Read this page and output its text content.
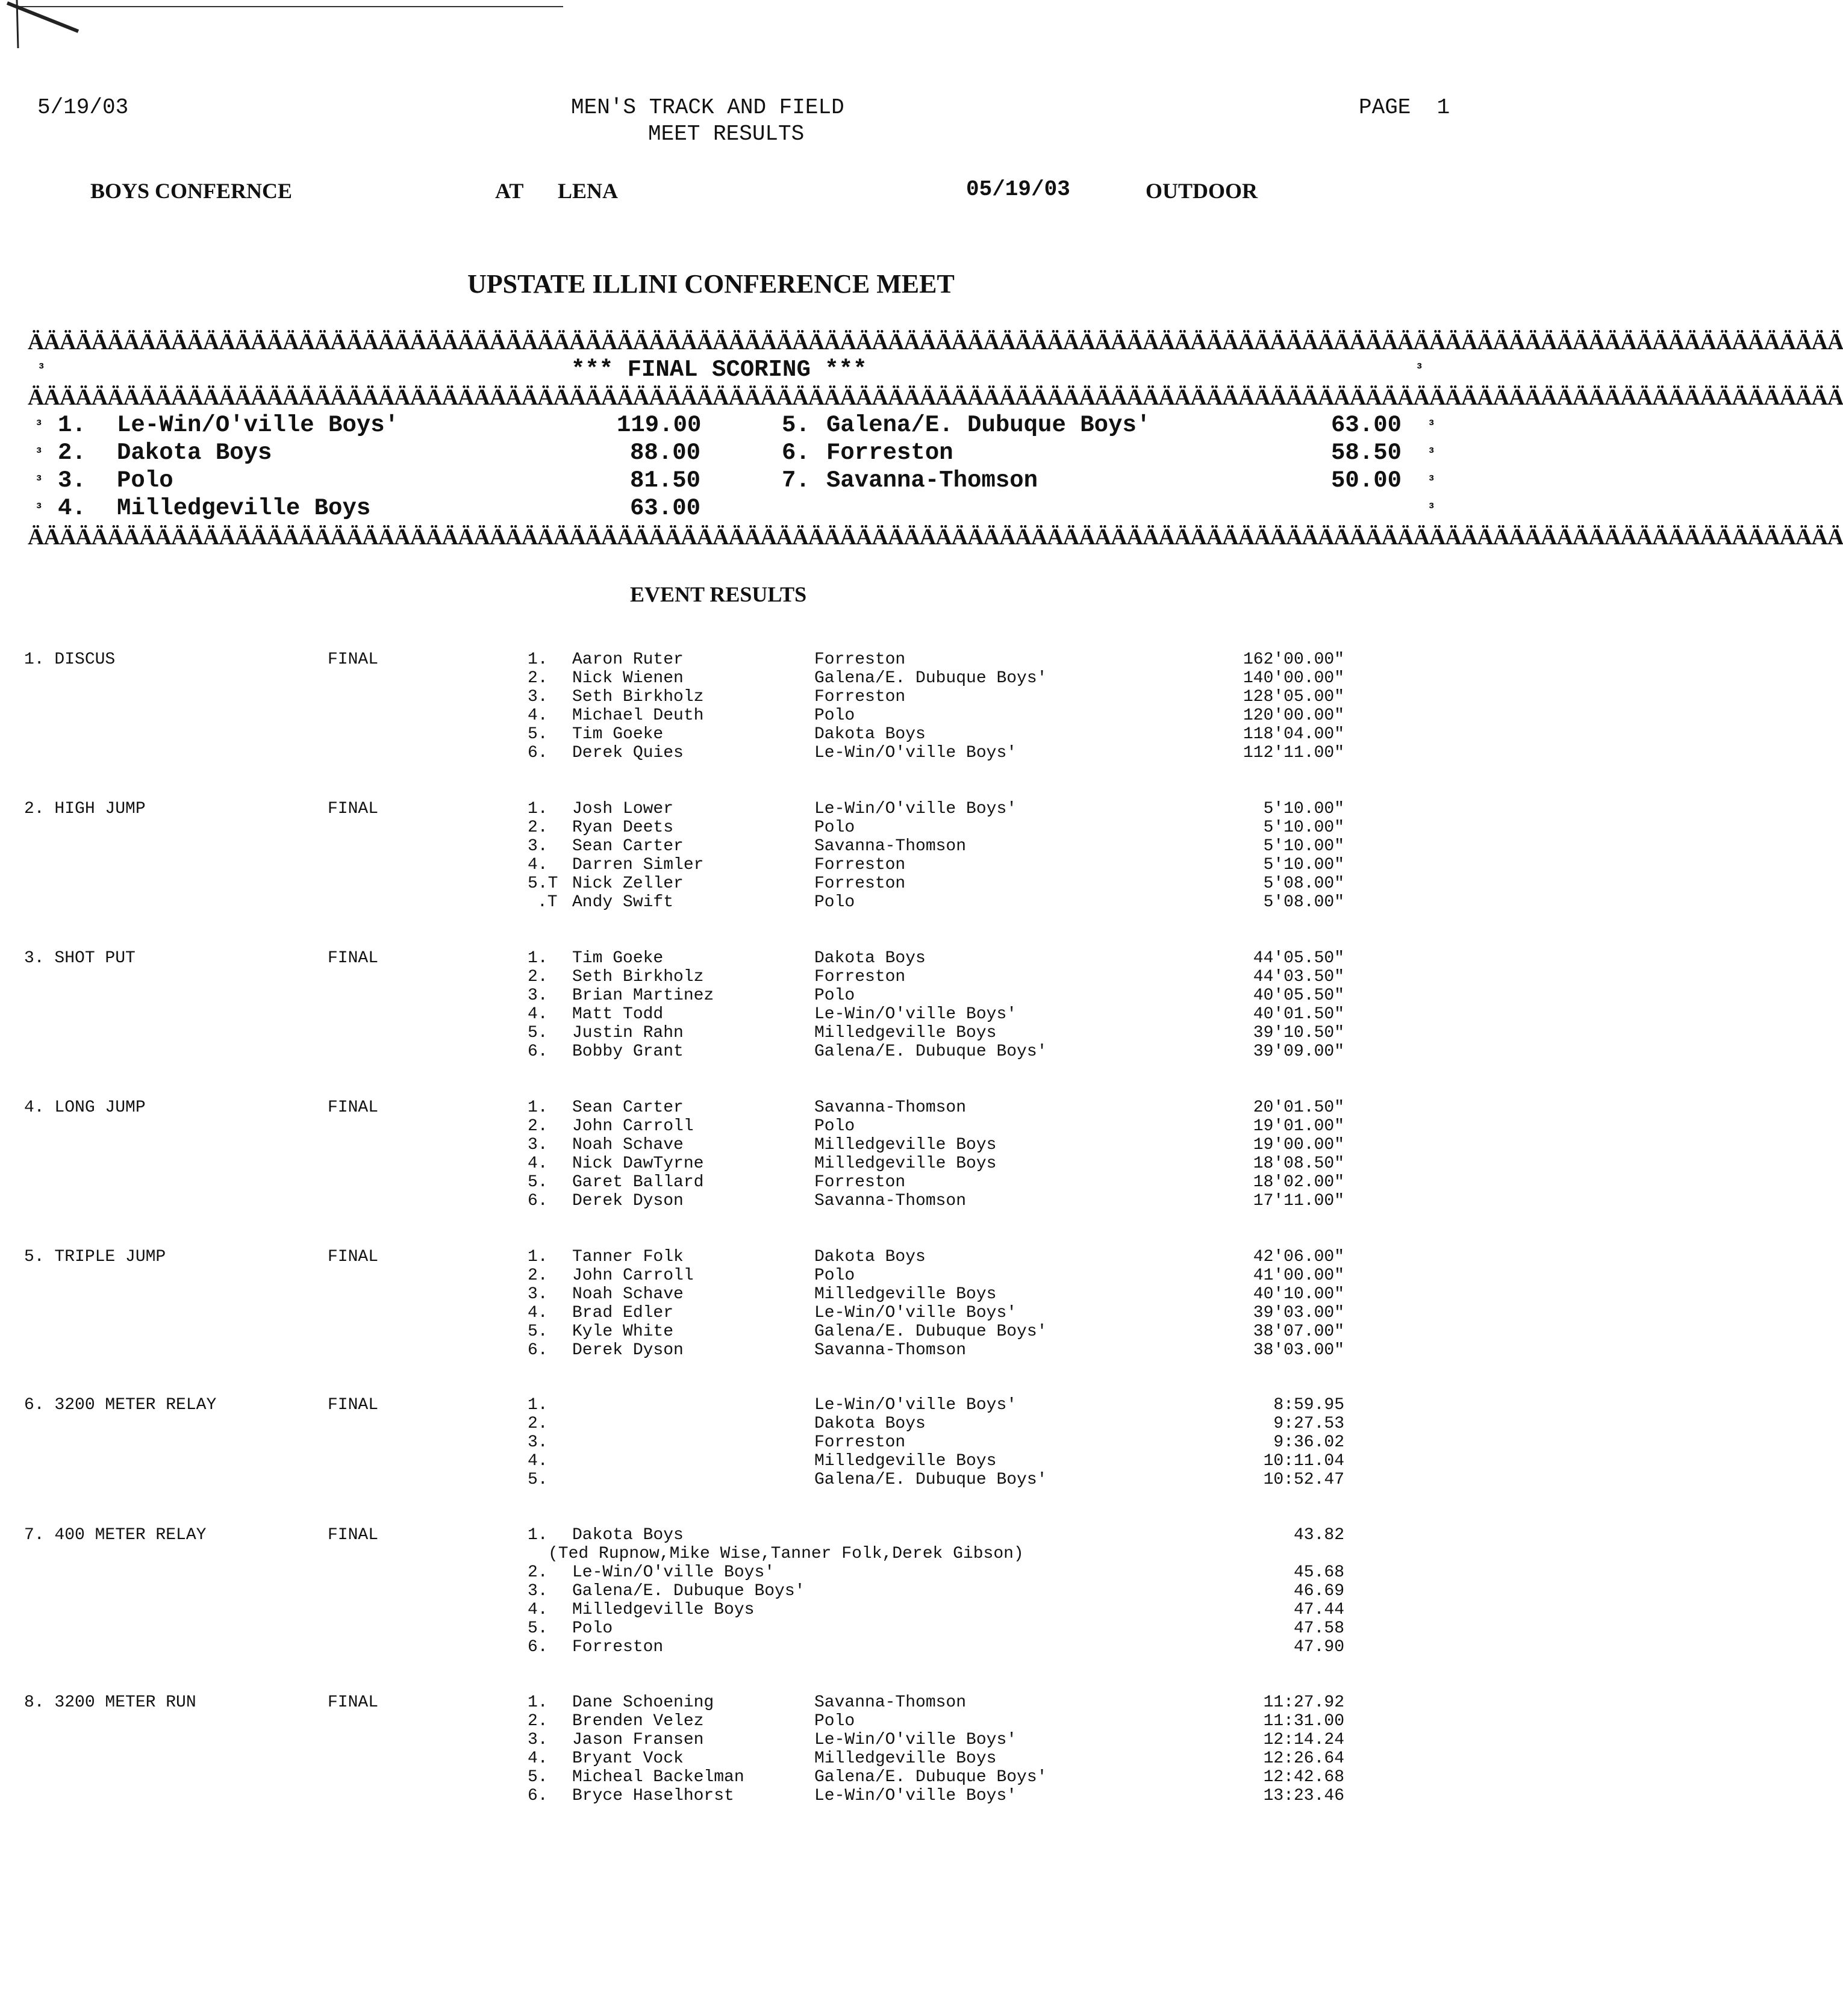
5/19/03	MEN'S TRACK AND FIELD
MEET RESULTS
PAGE  1
BOYS CONFERNCE	AT LENA	05/19/03	OUTDOOR
UPSTATE ILLINI CONFERENCE MEET
ÄÄÄÄÄÄÄÄÄÄÄÄÄÄÄÄÄÄÄÄÄÄÄÄÄÄÄÄÄÄÄÄÄÄÄÄÄÄÄÄÄÄÄÄÄÄÄÄÄÄÄÄÄÄÄÄÄÄÄÄÄÄÄÄÄÄÄÄÄÄÄÄÄÄÄÄÄÄÄÄÄÄÄÄÄÄÄÄÄÄÄÄÄÄÄÄÄÄÄÄÄÄÄÄÄÄÄÄÄÄÄÄÄÄ
³	³
*** FINAL SCORING ***
ÄÄÄÄÄÄÄÄÄÄÄÄÄÄÄÄÄÄÄÄÄÄÄÄÄÄÄÄÄÄÄÄÄÄÄÄÄÄÄÄÄÄÄÄÄÄÄÄÄÄÄÄÄÄÄÄÄÄÄÄÄÄÄÄÄÄÄÄÄÄÄÄÄÄÄÄÄÄÄÄÄÄÄÄÄÄÄÄÄÄÄÄÄÄÄÄÄÄÄÄÄÄÄÄÄÄÄÄÄÄÄÄÄÄ
³
³
³
³
³
³
³
³
1. Le-Win/O'ville Boys'	119.00
2. Dakota Boys	88.00
3. Polo	81.50
4. Milledgeville Boys	63.00
5. Galena/E. Dubuque Boys'	63.00
6. Forreston	58.50
7. Savanna-Thomson	50.00
ÄÄÄÄÄÄÄÄÄÄÄÄÄÄÄÄÄÄÄÄÄÄÄÄÄÄÄÄÄÄÄÄÄÄÄÄÄÄÄÄÄÄÄÄÄÄÄÄÄÄÄÄÄÄÄÄÄÄÄÄÄÄÄÄÄÄÄÄÄÄÄÄÄÄÄÄÄÄÄÄÄÄÄÄÄÄÄÄÄÄÄÄÄÄÄÄÄÄÄÄÄÄÄÄÄÄÄÄÄÄÄÄÄÄ
EVENT RESULTS
1. DISCUS	FINAL	1. Aaron Ruter	Forreston	162'00.00"
2. Nick Wienen	Galena/E. Dubuque Boys'	140'00.00"
3. Seth Birkholz	Forreston	128'05.00"
4. Michael Deuth	Polo	120'00.00"
5. Tim Goeke	Dakota Boys	118'04.00"
6. Derek Quies	Le-Win/O'ville Boys'	112'11.00"
2. HIGH JUMP	FINAL	1. Josh Lower	Le-Win/O'ville Boys'	5'10.00"
2. Ryan Deets	Polo	5'10.00"
3. Sean Carter	Savanna-Thomson	5'10.00"
4. Darren Simler	Forreston	5'10.00"
5.T Nick Zeller	Forreston	5'08.00"
.T Andy Swift	Polo	5'08.00"
3. SHOT PUT	FINAL	1. Tim Goeke	Dakota Boys	44'05.50"
2. Seth Birkholz	Forreston	44'03.50"
3. Brian Martinez	Polo	40'05.50"
4. Matt Todd	Le-Win/O'ville Boys'	40'01.50"
5. Justin Rahn	Milledgeville Boys	39'10.50"
6. Bobby Grant	Galena/E. Dubuque Boys'	39'09.00"
4. LONG JUMP	FINAL	1. Sean Carter	Savanna-Thomson	20'01.50"
2. John Carroll	Polo	19'01.00"
3. Noah Schave	Milledgeville Boys	19'00.00"
4. Nick DawTyrne	Milledgeville Boys	18'08.50"
5. Garet Ballard	Forreston	18'02.00"
6. Derek Dyson	Savanna-Thomson	17'11.00"
5. TRIPLE JUMP	FINAL	1. Tanner Folk	Dakota Boys	42'06.00"
2. John Carroll	Polo	41'00.00"
3. Noah Schave	Milledgeville Boys	40'10.00"
4. Brad Edler	Le-Win/O'ville Boys'	39'03.00"
5. Kyle White	Galena/E. Dubuque Boys'	38'07.00"
6. Derek Dyson	Savanna-Thomson	38'03.00"
6. 3200 METER RELAY	FINAL	1.	Le-Win/O'ville Boys'	8:59.95
2.	Dakota Boys	9:27.53
3.	Forreston	9:36.02
4.	Milledgeville Boys	10:11.04
5.	Galena/E. Dubuque Boys'	10:52.47
7. 400 METER RELAY	FINAL	1. Dakota Boys	43.82
(Ted Rupnow,Mike Wise,Tanner Folk,Derek Gibson)
2. Le-Win/O'ville Boys'	45.68
3. Galena/E. Dubuque Boys'	46.69
4. Milledgeville Boys	47.44
5. Polo	47.58
6. Forreston	47.90
8. 3200 METER RUN	FINAL	1. Dane Schoening	Savanna-Thomson	11:27.92
2. Brenden Velez	Polo	11:31.00
3. Jason Fransen	Le-Win/O'ville Boys'	12:14.24
4. Bryant Vock	Milledgeville Boys	12:26.64
5. Micheal Backelman	Galena/E. Dubuque Boys'	12:42.68
6. Bryce Haselhorst	Le-Win/O'ville Boys'	13:23.46
